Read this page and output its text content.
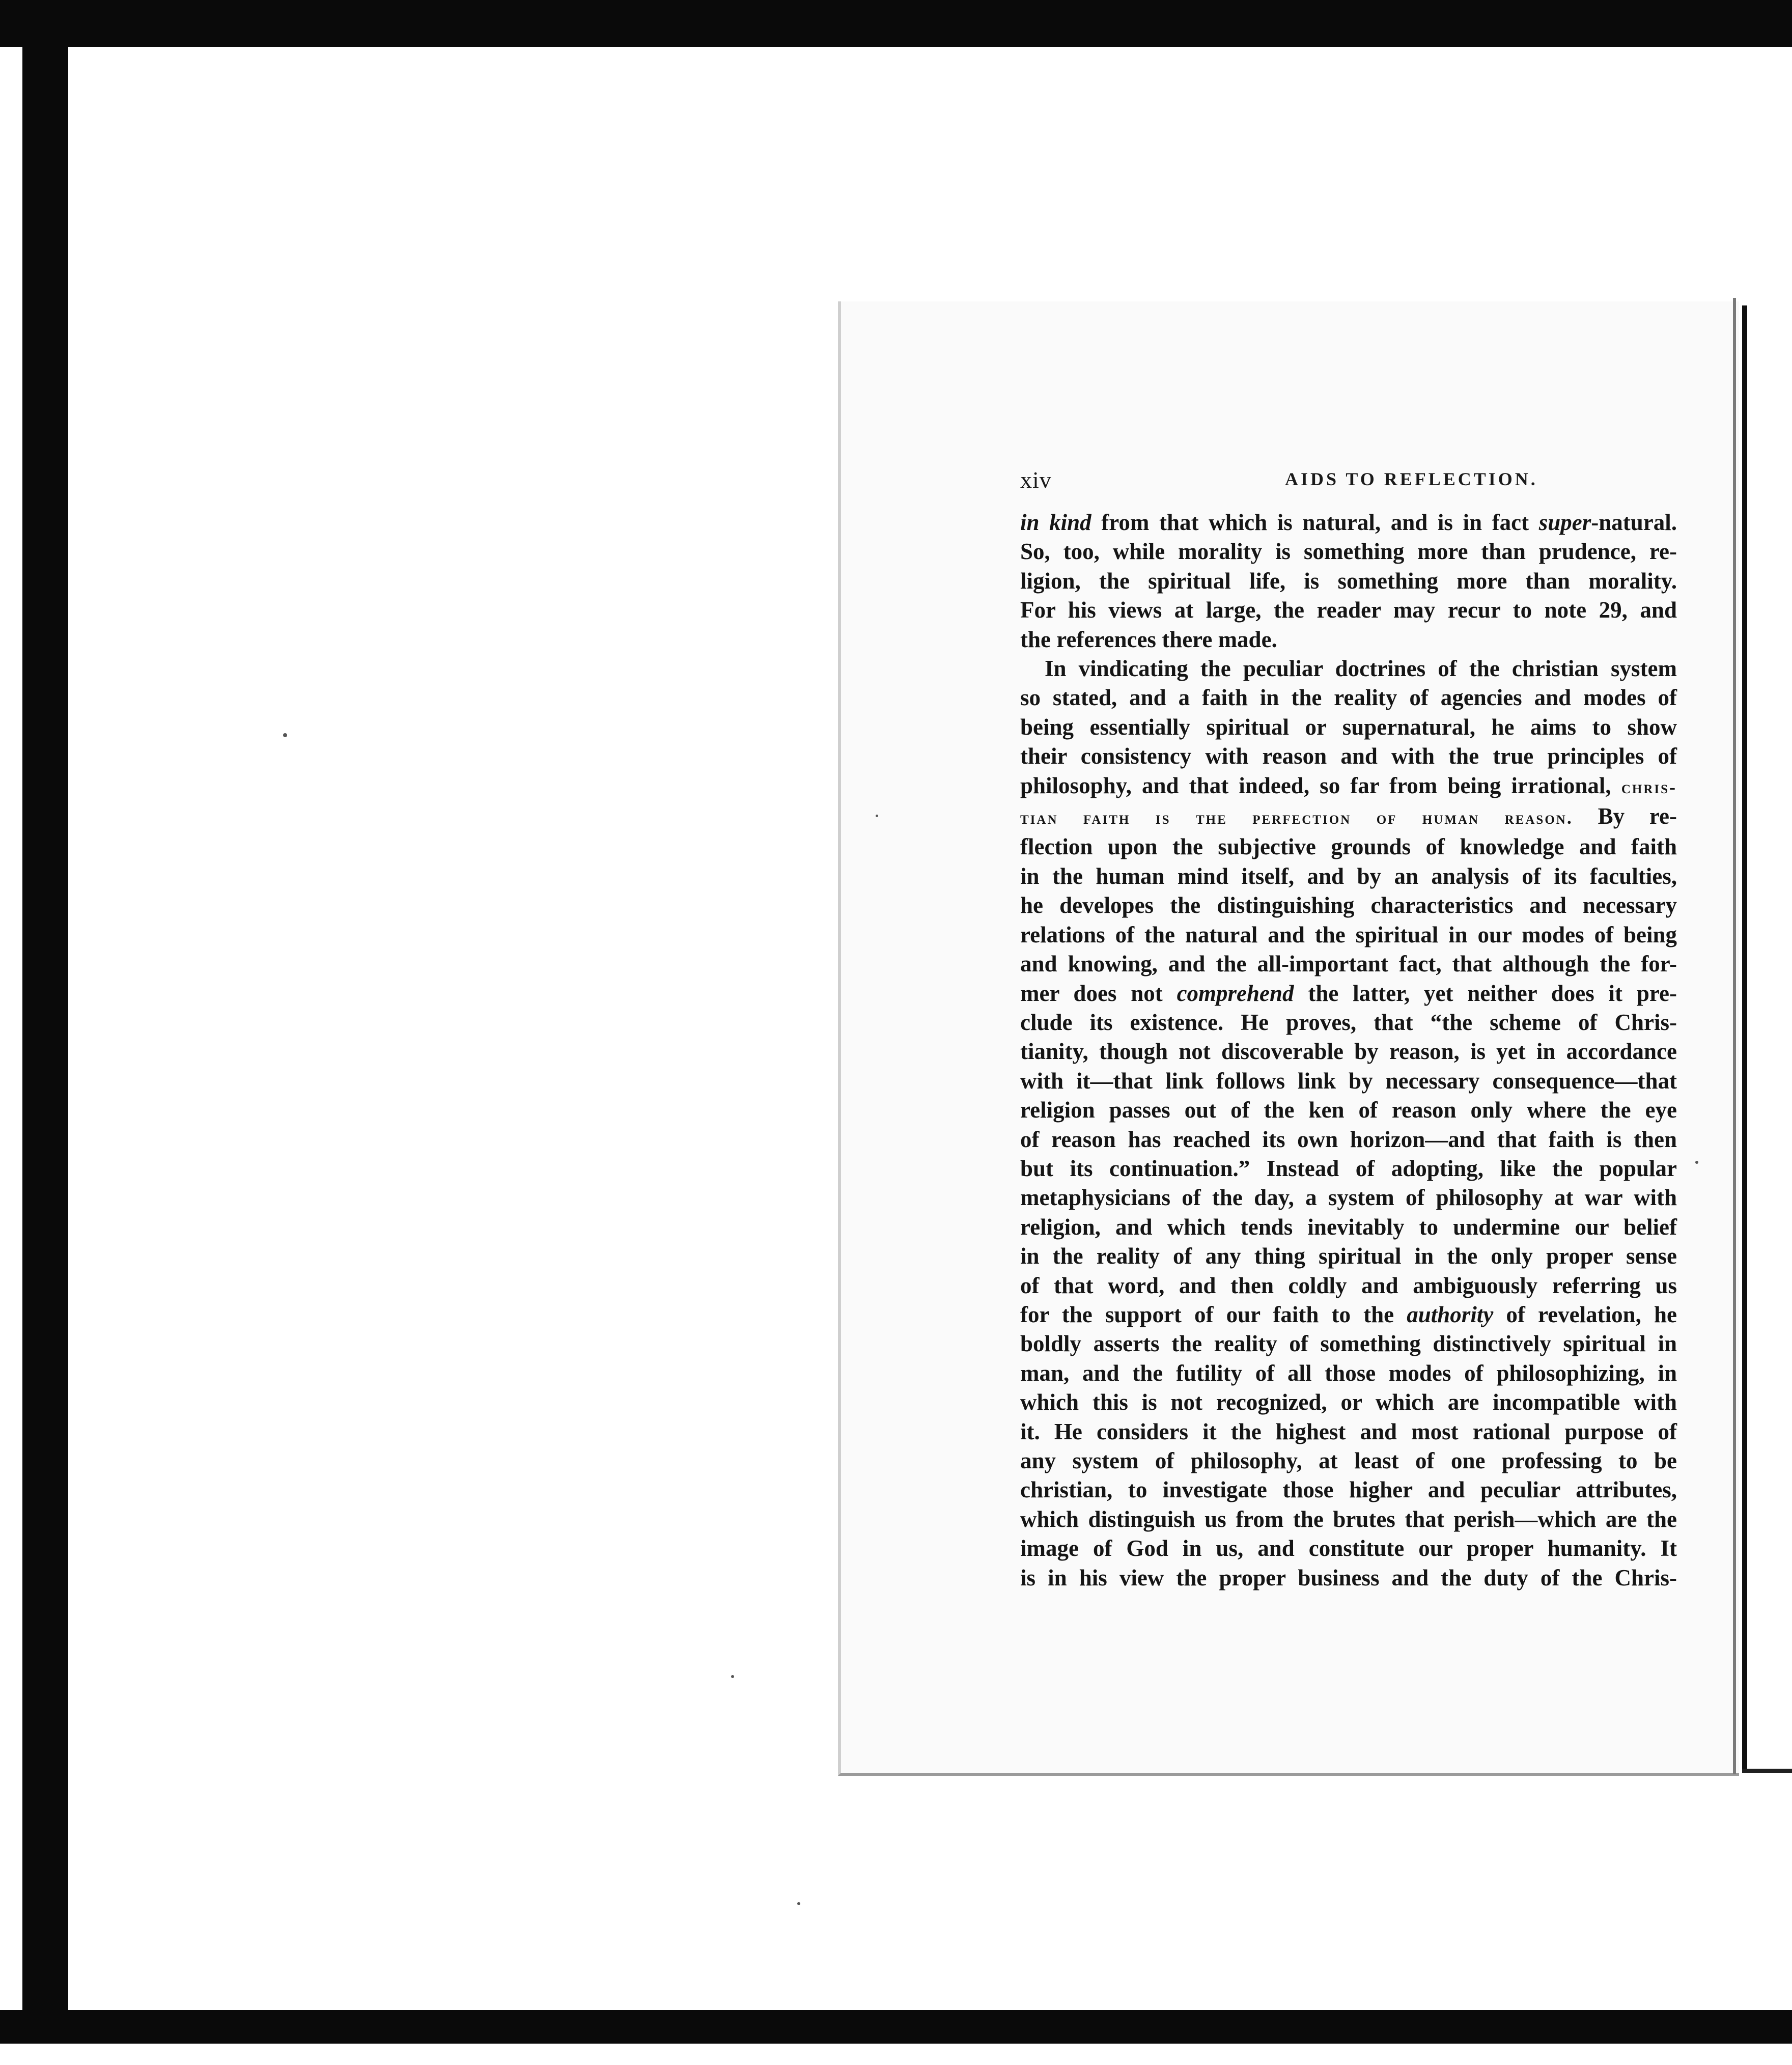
xiv	AIDS TO REFLECTION.
in kind from that which is natural, and is in fact super-natural.
So, too, while morality is something more than prudence, re-
ligion, the spiritual life, is something more than morality.
For his views at large, the reader may recur to note 29, and
the references there made.
In vindicating the peculiar doctrines of the christian system
so stated, and a faith in the reality of agencies and modes of
being essentially spiritual or supernatural, he aims to show
their consistency with reason and with the true principles of
philosophy, and that indeed, so far from being irrational, chris-
tian faith is the perfection of human reason. By re-
flection upon the subjective grounds of knowledge and faith
in the human mind itself, and by an analysis of its faculties,
he developes the distinguishing characteristics and necessary
relations of the natural and the spiritual in our modes of being
and knowing, and the all-important fact, that although the for-
mer does not comprehend the latter, yet neither does it pre-
clude its existence. He proves, that “the scheme of Chris-
tianity, though not discoverable by reason, is yet in accordance
with it—that link follows link by necessary consequence—that
religion passes out of the ken of reason only where the eye
of reason has reached its own horizon—and that faith is then
but its continuation.” Instead of adopting, like the popular
metaphysicians of the day, a system of philosophy at war with
religion, and which tends inevitably to undermine our belief
in the reality of any thing spiritual in the only proper sense
of that word, and then coldly and ambiguously referring us
for the support of our faith to the authority of revelation, he
boldly asserts the reality of something distinctively spiritual in
man, and the futility of all those modes of philosophizing, in
which this is not recognized, or which are incompatible with
it. He considers it the highest and most rational purpose of
any system of philosophy, at least of one professing to be
christian, to investigate those higher and peculiar attributes,
which distinguish us from the brutes that perish—which are the
image of God in us, and constitute our proper humanity. It
is in his view the proper business and the duty of the Chris-
